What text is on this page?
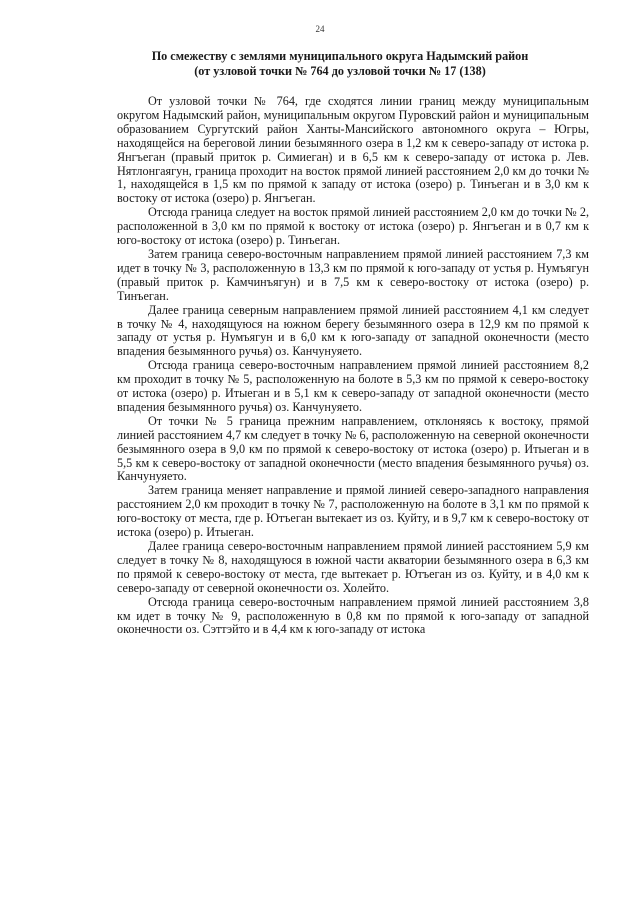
24
По смежеству с землями муниципального округа Надымский район
(от узловой точки № 764 до узловой точки № 17 (138)

От узловой точки № 764, где сходятся линии границ между муниципальным округом Надымский район, муниципальным округом Пуровский район и муниципальным образованием Сургутский район Ханты-Мансийского автономного округа – Югры, находящейся на береговой линии безымянного озера в 1,2 км к северо-западу от истока р. Янгъеган (правый приток р. Симиеган) и в 6,5 км к северо-западу от истока р. Лев. Нятлонгаягун, граница проходит на восток прямой линией расстоянием 2,0 км до точки № 1, находящейся в 1,5 км по прямой к западу от истока (озеро) р. Тинъеган и в 3,0 км к востоку от истока (озеро) р. Янгъеган.

Отсюда граница следует на восток прямой линией расстоянием 2,0 км до точки № 2, расположенной в 3,0 км по прямой к востоку от истока (озеро) р. Янгъеган и в 0,7 км к юго-востоку от истока (озеро) р. Тинъеган.

Затем граница северо-восточным направлением прямой линией расстоянием 7,3 км идет в точку № 3, расположенную в 13,3 км по прямой к юго-западу от устья р. Нумъягун (правый приток р. Камчинъягун) и в 7,5 км к северо-востоку от истока (озеро) р. Тинъеган.

Далее граница северным направлением прямой линией расстоянием 4,1 км следует в точку № 4, находящуюся на южном берегу безымянного озера в 12,9 км по прямой к западу от устья р. Нумъягун и в 6,0 км к юго-западу от западной оконечности (место впадения безымянного ручья) оз. Канчунуяето.

Отсюда граница северо-восточным направлением прямой линией расстоянием 8,2 км проходит в точку № 5, расположенную на болоте в 5,3 км по прямой к северо-востоку от истока (озеро) р. Итыеган и в 5,1 км к северо-западу от западной оконечности (место впадения безымянного ручья) оз. Канчунуяето.

От точки № 5 граница прежним направлением, отклоняясь к востоку, прямой линией расстоянием 4,7 км следует в точку № 6, расположенную на северной оконечности безымянного озера в 9,0 км по прямой к северо-востоку от истока (озеро) р. Итыеган и в 5,5 км к северо-востоку от западной оконечности (место впадения безымянного ручья) оз. Канчунуяето.

Затем граница меняет направление и прямой линией северо-западного направления расстоянием 2,0 км проходит в точку № 7, расположенную на болоте в 3,1 км по прямой к юго-востоку от места, где р. Ютъеган вытекает из оз. Куйту, и в 9,7 км к северо-востоку от истока (озеро) р. Итыеган.

Далее граница северо-восточным направлением прямой линией расстоянием 5,9 км следует в точку № 8, находящуюся в южной части акватории безымянного озера в 6,3 км по прямой к северо-востоку от места, где вытекает р. Ютъеган из оз. Куйту, и в 4,0 км к северо-западу от северной оконечности оз. Холейто.

Отсюда граница северо-восточным направлением прямой линией расстоянием 3,8 км идет в точку № 9, расположенную в 0,8 км по прямой к юго-западу от западной оконечности оз. Сэттэйто и в 4,4 км к юго-западу от истока
